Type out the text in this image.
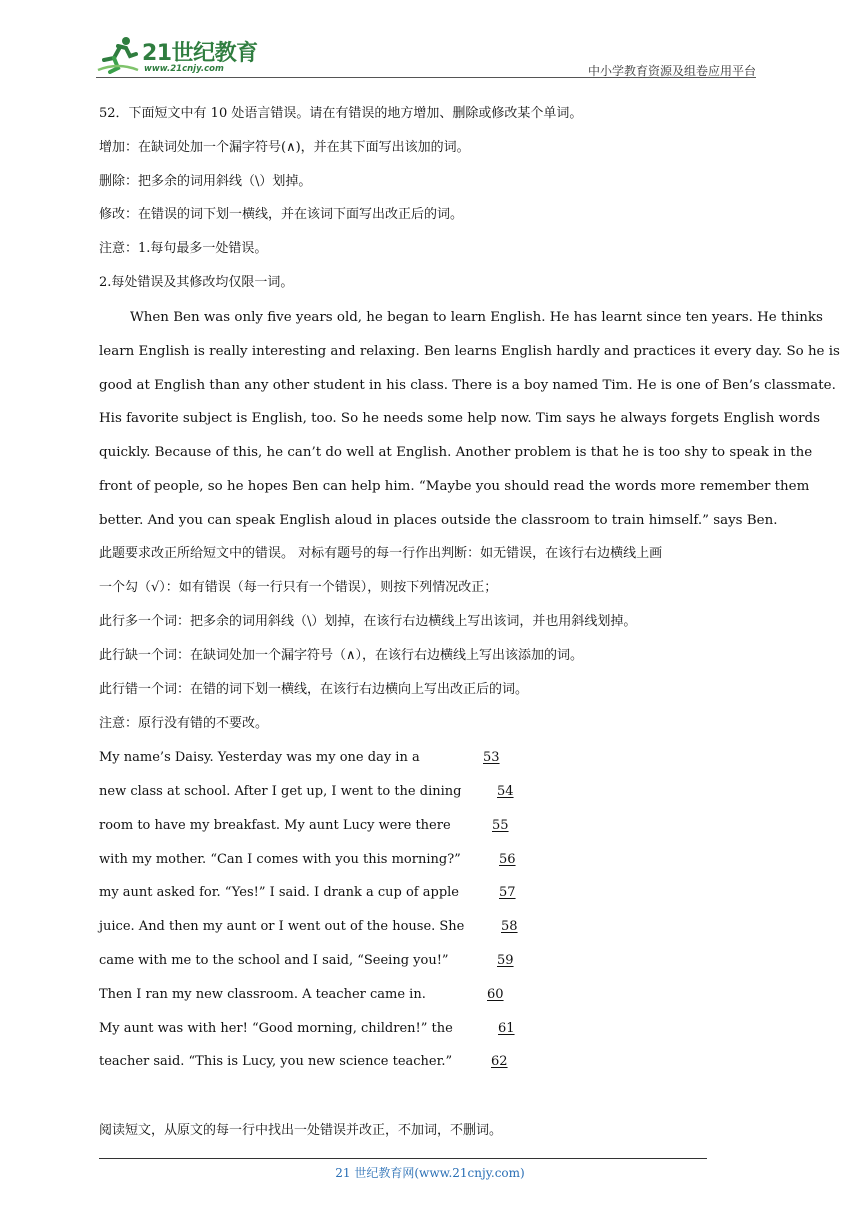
21世纪教育
www.21cnjy.com	中小学教育资源及组卷应用平台
52．下面短文中有 10 处语言错误。请在有错误的地方增加、删除或修改某个单词。
增加：在缺词处加一个漏字符号(∧)，并在其下面写出该加的词。
删除：把多余的词用斜线（\）划掉。
修改：在错误的词下划一横线，并在该词下面写出改正后的词。
注意：1.每句最多一处错误。
2.每处错误及其修改均仅限一词。
When Ben was only five years old, he began to learn English. He has learnt since ten years. He thinks
learn English is really interesting and relaxing. Ben learns English hardly and practices it every day. So he is
good at English than any other student in his class. There is a boy named Tim. He is one of Ben’s classmate.
His favorite subject is English, too. So he needs some help now. Tim says he always forgets English words
quickly. Because of this, he can’t do well at English. Another problem is that he is too shy to speak in the
front of people, so he hopes Ben can help him. “Maybe you should read the words more remember them
better. And you can speak English aloud in places outside the classroom to train himself.” says Ben.
此题要求改正所给短文中的错误。 对标有题号的每一行作出判断：如无错误，在该行右边横线上画
一个勾（√）：如有错误（每一行只有一个错误），则按下列情况改正；
此行多一个词：把多余的词用斜线（\）划掉，在该行右边横线上写出该词，并也用斜线划掉。
此行缺一个词：在缺词处加一个漏字符号（∧），在该行右边横线上写出该添加的词。
此行错一个词：在错的词下划一横线，在该行右边横向上写出改正后的词。
注意：原行没有错的不要改。
My name’s Daisy. Yesterday was my one day in a	53
new class at school. After I get up, I went to the dining	54
room to have my breakfast. My aunt Lucy were there	55
with my mother. “Can I comes with you this morning?”	56
my aunt asked for. “Yes!” I said. I drank a cup of apple	57
juice. And then my aunt or I went out of the house. She	58
came with me to the school and I said, “Seeing you!”	59
Then I ran my new classroom. A teacher came in.	60
My aunt was with her! “Good morning, children!” the	61
teacher said. “This is Lucy, you new science teacher.”	62
阅读短文，从原文的每一行中找出一处错误并改正，不加词，不删词。
21 世纪教育网(www.21cnjy.com)
